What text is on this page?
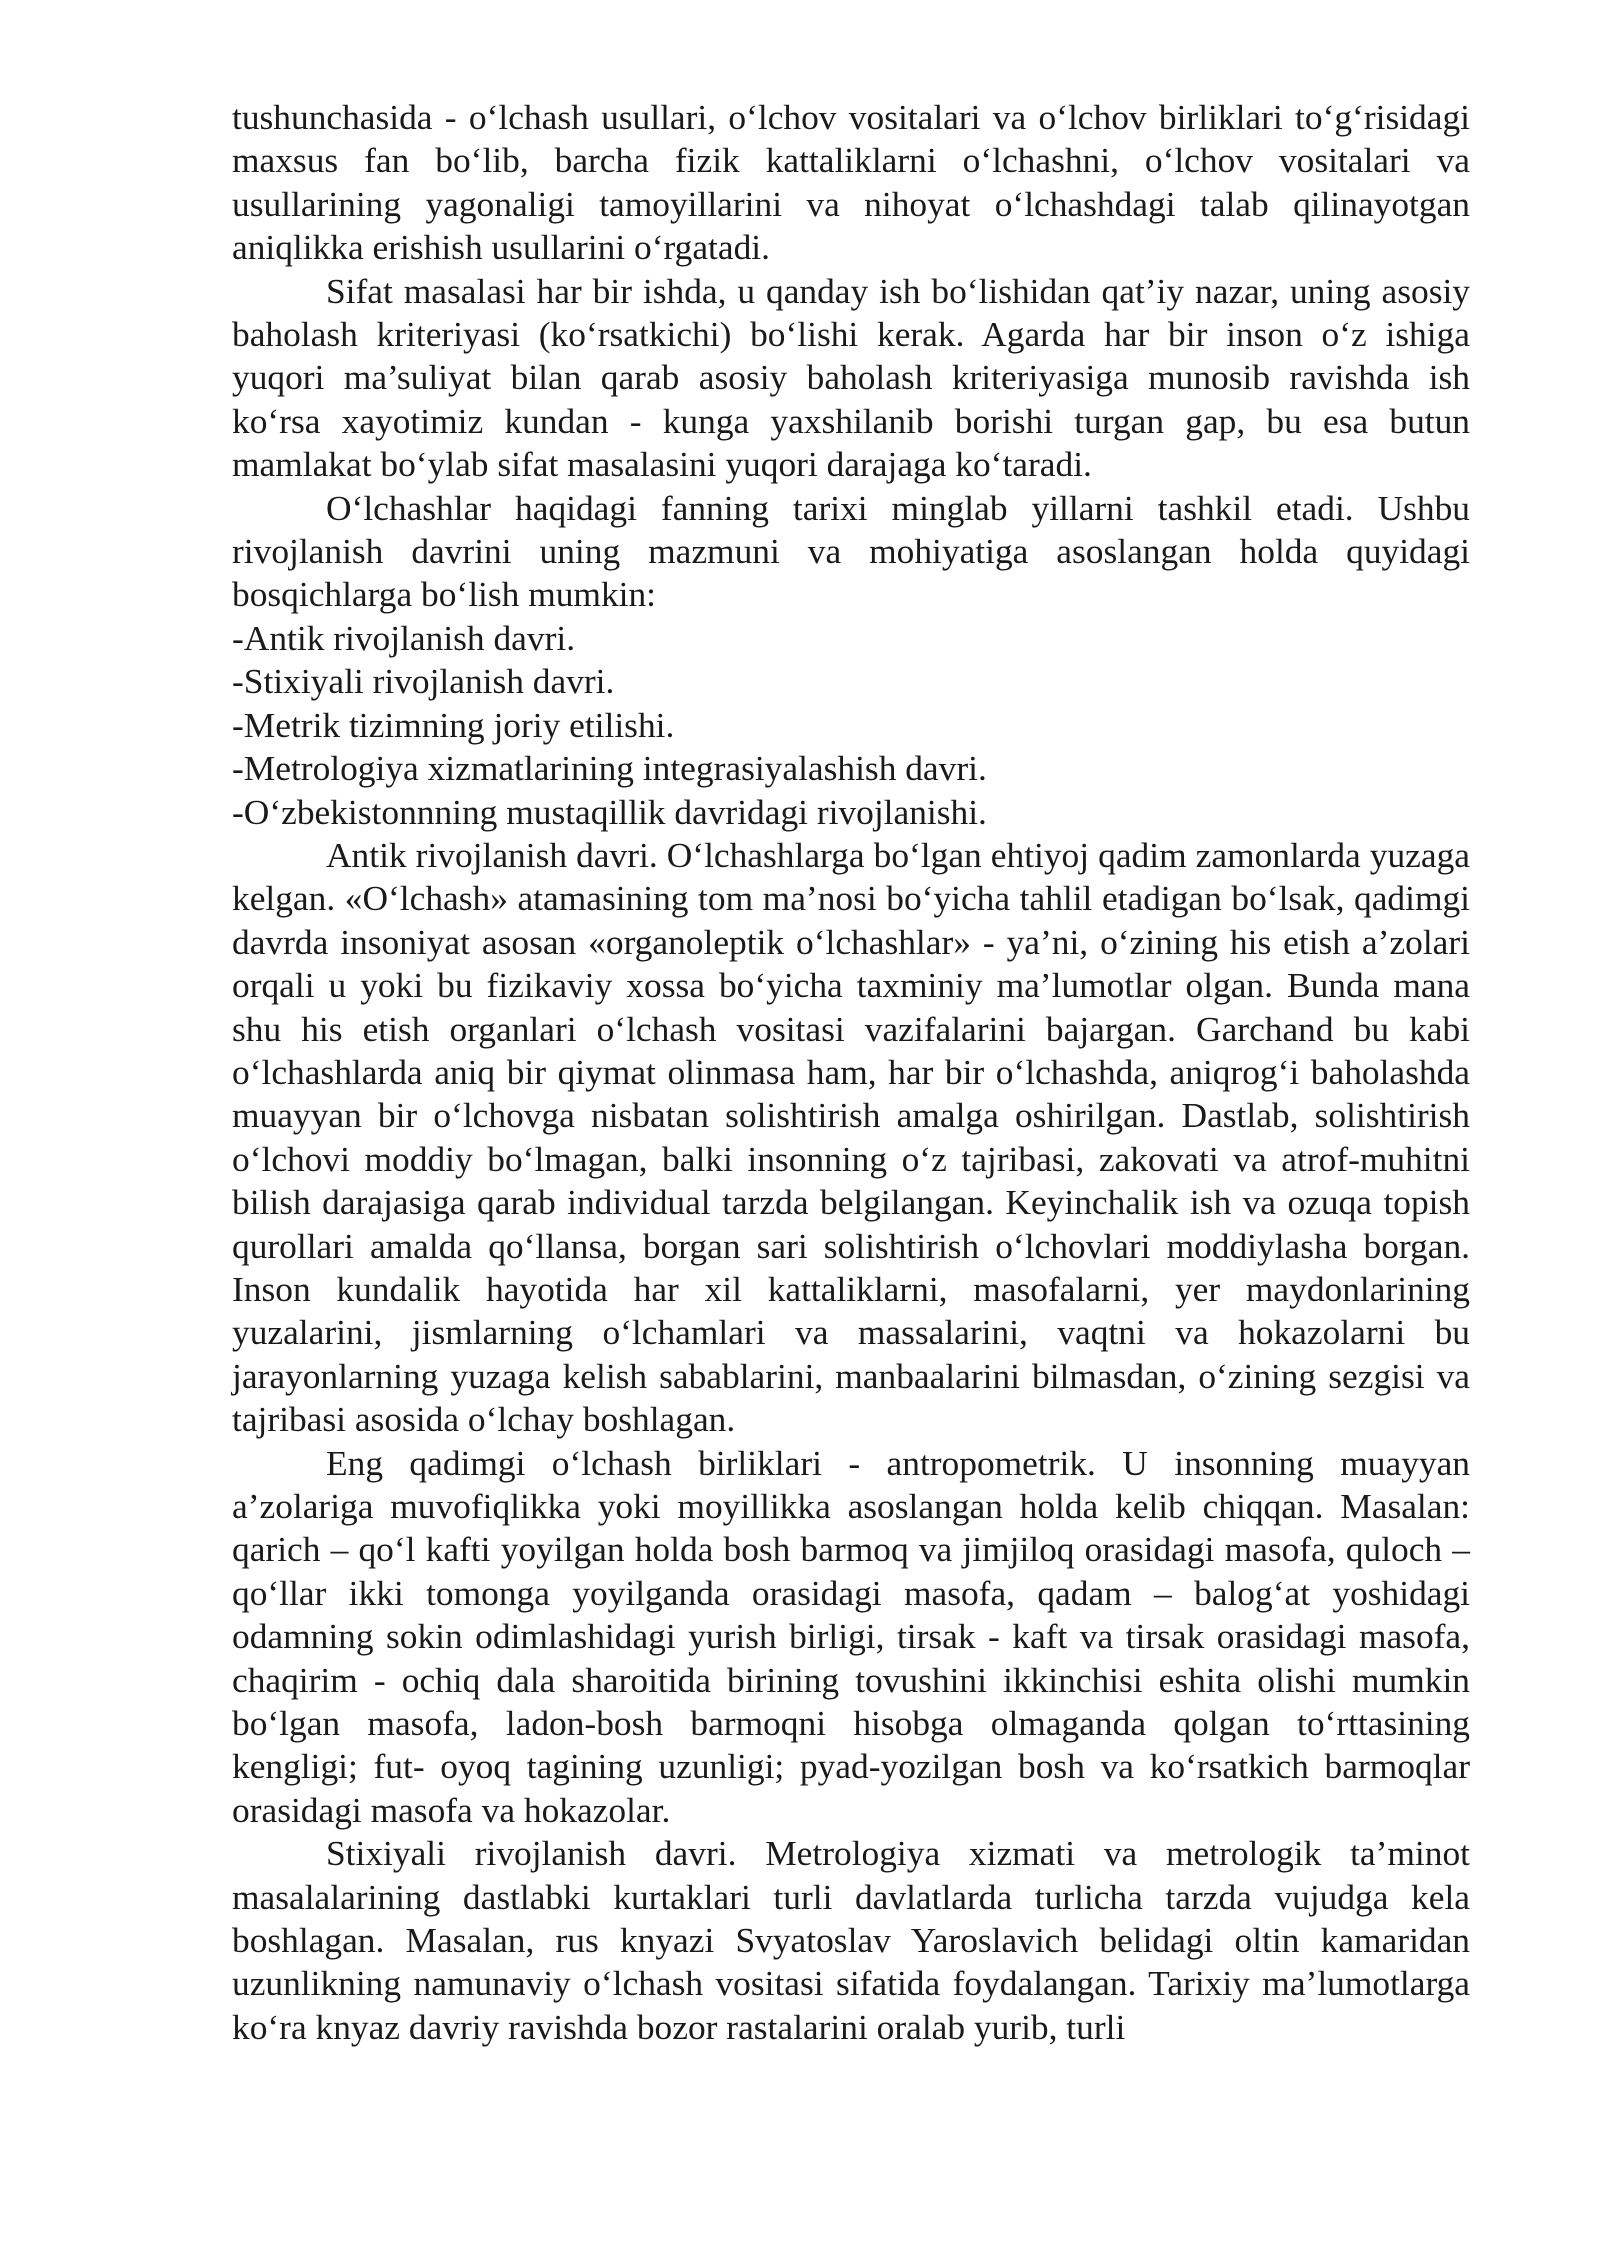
tushunchasida - o‘lchash usullari, o‘lchov vositalari va o‘lchov birliklari to‘g‘risidagi maxsus fan bo‘lib, barcha fizik kattaliklarni o‘lchashni, o‘lchov vositalari va usullarining yagonaligi tamoyillarini va nihoyat o‘lchashdagi talab qilinayotgan aniqlikka erishish usullarini o‘rgatadi.

Sifat masalasi har bir ishda, u qanday ish bo‘lishidan qat’iy nazar, uning asosiy baholash kriteriyasi (ko‘rsatkichi) bo‘lishi kerak. Agarda har bir inson o‘z ishiga yuqori ma’suliyat bilan qarab asosiy baholash kriteriyasiga munosib ravishda ish ko‘rsa xayotimiz kundan - kunga yaxshilanib borishi turgan gap, bu esa butun mamlakat bo‘ylab sifat masalasini yuqori darajaga ko‘taradi.

O‘lchashlar haqidagi fanning tarixi minglab yillarni tashkil etadi. Ushbu rivojlanish davrini uning mazmuni va mohiyatiga asoslangan holda quyidagi bosqichlarga bo‘lish mumkin:

-Antik rivojlanish davri.

-Stixiyali rivojlanish davri.

-Metrik tizimning joriy etilishi.

-Metrologiya xizmatlarining integrasiyalashish davri.

-O‘zbekistonnning mustaqillik davridagi rivojlanishi.

Antik rivojlanish davri. O‘lchashlarga bo‘lgan ehtiyoj qadim zamonlarda yuzaga kelgan. «O‘lchash» atamasining tom ma’nosi bo‘yicha tahlil etadigan bo‘lsak, qadimgi davrda insoniyat asosan «organoleptik o‘lchashlar» - ya’ni, o‘zining his etish a’zolari orqali u yoki bu fizikaviy xossa bo‘yicha taxminiy ma’lumotlar olgan. Bunda mana shu his etish organlari o‘lchash vositasi vazifalarini bajargan. Garchand bu kabi o‘lchashlarda aniq bir qiymat olinmasa ham, har bir o‘lchashda, aniqrog‘i baholashda muayyan bir o‘lchovga nisbatan solishtirish amalga oshirilgan. Dastlab, solishtirish o‘lchovi moddiy bo‘lmagan, balki insonning o‘z tajribasi, zakovati va atrof-muhitni bilish darajasiga qarab individual tarzda belgilangan. Keyinchalik ish va ozuqa topish qurollari amalda qo‘llansa, borgan sari solishtirish o‘lchovlari moddiylasha borgan. Inson kundalik hayotida har xil kattaliklarni, masofalarni, yer maydonlarining yuzalarini, jismlarning o‘lchamlari va massalarini, vaqtni va hokazolarni bu jarayonlarning yuzaga kelish sabablarini, manbaalarini bilmasdan, o‘zining sezgisi va tajribasi asosida o‘lchay boshlagan.

Eng qadimgi o‘lchash birliklari - antropometrik. U insonning muayyan a’zolariga muvofiqlikka yoki moyillikka asoslangan holda kelib chiqqan. Masalan: qarich – qo‘l kafti yoyilgan holda bosh barmoq va jimjiloq orasidagi masofa, quloch – qo‘llar ikki tomonga yoyilganda orasidagi masofa, qadam – balog‘at yoshidagi odamning sokin odimlashidagi yurish birligi, tirsak - kaft va tirsak orasidagi masofa, chaqirim - ochiq dala sharoitida birining tovushini ikkinchisi eshita olishi mumkin bo‘lgan masofa, ladon-bosh barmoqni hisobga olmaganda qolgan to‘rttasining kengligi; fut- oyoq tagining uzunligi; pyad-yozilgan bosh va ko‘rsatkich barmoqlar orasidagi masofa va hokazolar.

Stixiyali rivojlanish davri. Metrologiya xizmati va metrologik ta’minot masalalarining dastlabki kurtaklari turli davlatlarda turlicha tarzda vujudga kela boshlagan. Masalan, rus knyazi Svyatoslav Yaroslavich belidagi oltin kamaridan uzunlikning namunaviy o‘lchash vositasi sifatida foydalangan. Tarixiy ma’lumotlarga ko‘ra knyaz davriy ravishda bozor rastalarini oralab yurib, turli
